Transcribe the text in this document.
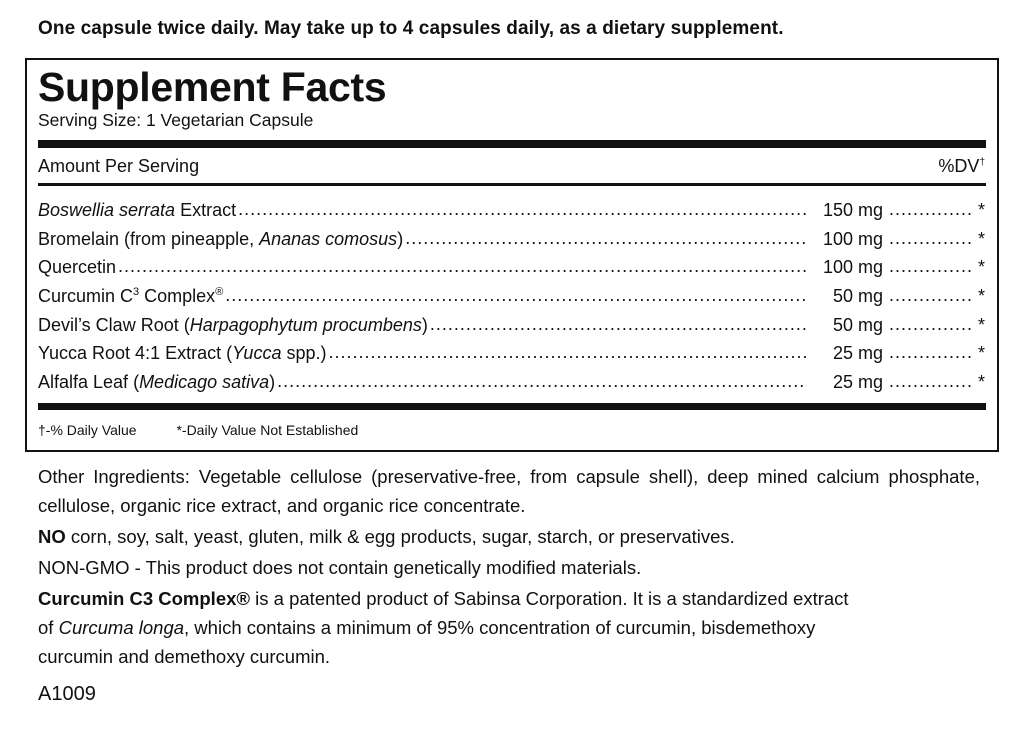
One capsule twice daily. May take up to 4 capsules daily, as a dietary supplement.
Supplement Facts
Serving Size: 1 Vegetarian Capsule
Amount Per Serving	%DV†
Boswellia serrata Extract .....	150 mg .....	*
Bromelain (from pineapple, Ananas comosus) .....	100 mg .....	*
Quercetin .....	100 mg .....	*
Curcumin $C^3$ Complex® .....	50 mg .....	*
Devil’s Claw Root (Harpagophytum procumbens) .....	50 mg .....	*
Yucca Root 4:1 Extract (Yucca spp.) .....	25 mg .....	*
Alfalfa Leaf (Medicago sativa) .....	25 mg .....	*
†-% Daily Value	*-Daily Value Not Established

Other Ingredients: Vegetable cellulose (preservative-free, from capsule shell), deep mined calcium phosphate, cellulose, organic rice extract, and organic rice concentrate.

NO corn, soy, salt, yeast, gluten, milk & egg products, sugar, starch, or preservatives.

NON-GMO - This product does not contain genetically modified materials.

Curcumin C3 Complex® is a patented product of Sabinsa Corporation. It is a standardized extract
of Curcuma longa, which contains a minimum of 95% concentration of curcumin, bisdemethoxy
curcumin and demethoxy curcumin.

A1009
